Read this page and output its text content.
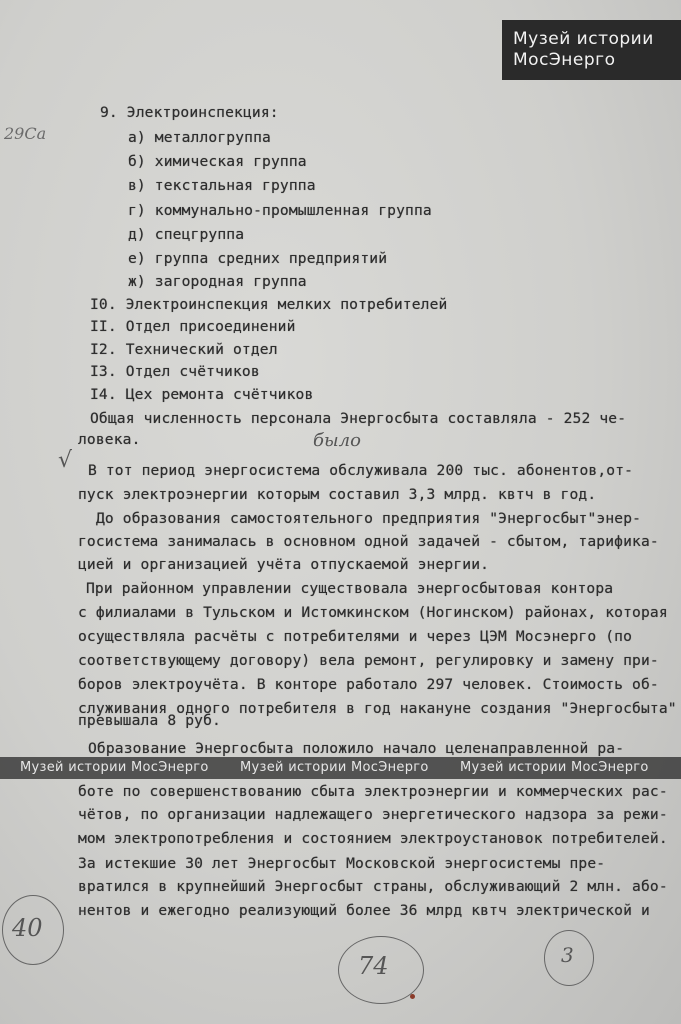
Музей истории
МосЭнерго
29Са
9. Электроинспекция:
а) металлогруппа
б) химическая группа
в) текстальная группа
г) коммунально-промышленная группа
д) спецгруппа
е) группа средних предприятий
ж) загородная группа
I0. Электроинспекция мелких потребителей
II. Отдел присоединений
I2. Технический отдел
I3. Отдел счётчиков
I4. Цех ремонта счётчиков
Общая численность персонала Энергосбыта составляла - 252 че-
ловека.	было
√ В тот период энергосистема обслуживала 200 тыс. абонентов,от-
пуск электроэнергии которым составил 3,3 млрд. квтч в год.
До образования самостоятельного предприятия "Энергосбыт"энер-
госистема занималась в основном одной задачей - сбытом, тарифика-
цией и организацией учёта отпускаемой энергии.
При районном управлении существовала энергосбытовая контора
с филиалами в Тульском и Истомкинском (Ногинском) районах, которая
осуществляла расчёты с потребителями и через ЦЭМ Мосэнерго (по
соответствующему договору) вела ремонт, регулировку и замену при-
боров электроучёта. В конторе работало 297 человек. Стоимость об-
служивания одного потребителя в год накануне создания "Энергосбыта"
превышала 8 руб.
Образование Энергосбыта положило начало целенаправленной ра-
Музей истории МосЭнерго Музей истории МосЭнерго Музей истории МосЭнерго
боте по совершенствованию сбыта электроэнергии и коммерческих рас-
чётов, по организации надлежащего энергетического надзора за режи-
мом электропотребления и состоянием электроустановок потребителей.
За истекшие 30 лет Энергосбыт Московской энергосистемы пре-
вратился в крупнейший Энергосбыт страны, обслуживающий 2 млн. або-
нентов и ежегодно реализующий более 36 млрд квтч электрической и
40
74	3
